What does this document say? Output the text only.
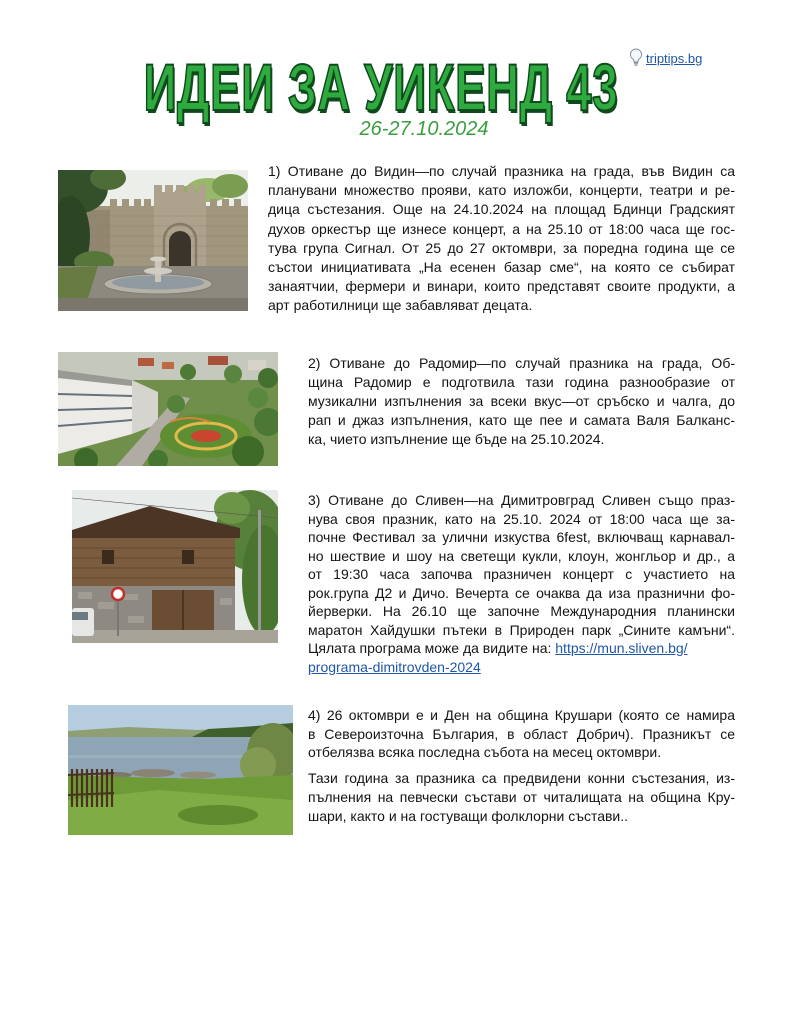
triptips.bg
ИДЕИ ЗА УИКЕНД 43
26-27.10.2024
1) Отиване до Видин—по случай празника на града, във Видин са
планувани множество прояви, като изложби, концерти, театри и ре-
дица състезания. Още на 24.10.2024 на площад Бдинци Градският
духов оркестър ще изнесе концерт, а на 25.10 от 18:00 часа ще гос-
тува група Сигнал. От 25 до 27 октомври, за поредна година ще се
състои инициативата „На есенен базар сме“, на която се събират
занаятчии, фермери и винари, които представят своите продукти, а
арт работилници ще забавляват децата.
2) Отиване до Радомир—по случай празника на града, Об-
щина Радомир е подготвила тази година разнообразие от
музикални изпълнения за всеки вкус—от сръбско и чалга, до
рап и джаз изпълнения, като ще пее и самата Валя Балканс-
ка, чието изпълнение ще бъде на 25.10.2024.
3) Отиване до Сливен—на Димитровград Сливен също праз-
нува своя празник, като на 25.10. 2024 от 18:00 часа ще за-
почне Фестивал за улични изкуства 6fest, включващ карнавал-
но шествие и шоу на светещи кукли, клоун, жонгльор и др., а
от 19:30 часа започва празничен концерт с участието на
рок.група Д2 и Дичо. Вечерта се очаква да иза празнични фо-
йерверки. На 26.10 ще започне Международния планински
маратон Хайдушки пътеки в Природен парк „Сините камъни“.
Цялата програма може да видите на: https://mun.sliven.bg/
programa-dimitrovden-2024
4) 26 октомври е и Ден на община Крушари (която се намира
в Североизточна България, в област Добрич). Празникът се
отбелязва всяка последна събота на месец октомври.
Тази година за празника са предвидени конни състезания, из-
пълнения на певчески състави от читалищата на община Кру-
шари, както и на гостуващи фолклорни състави..
